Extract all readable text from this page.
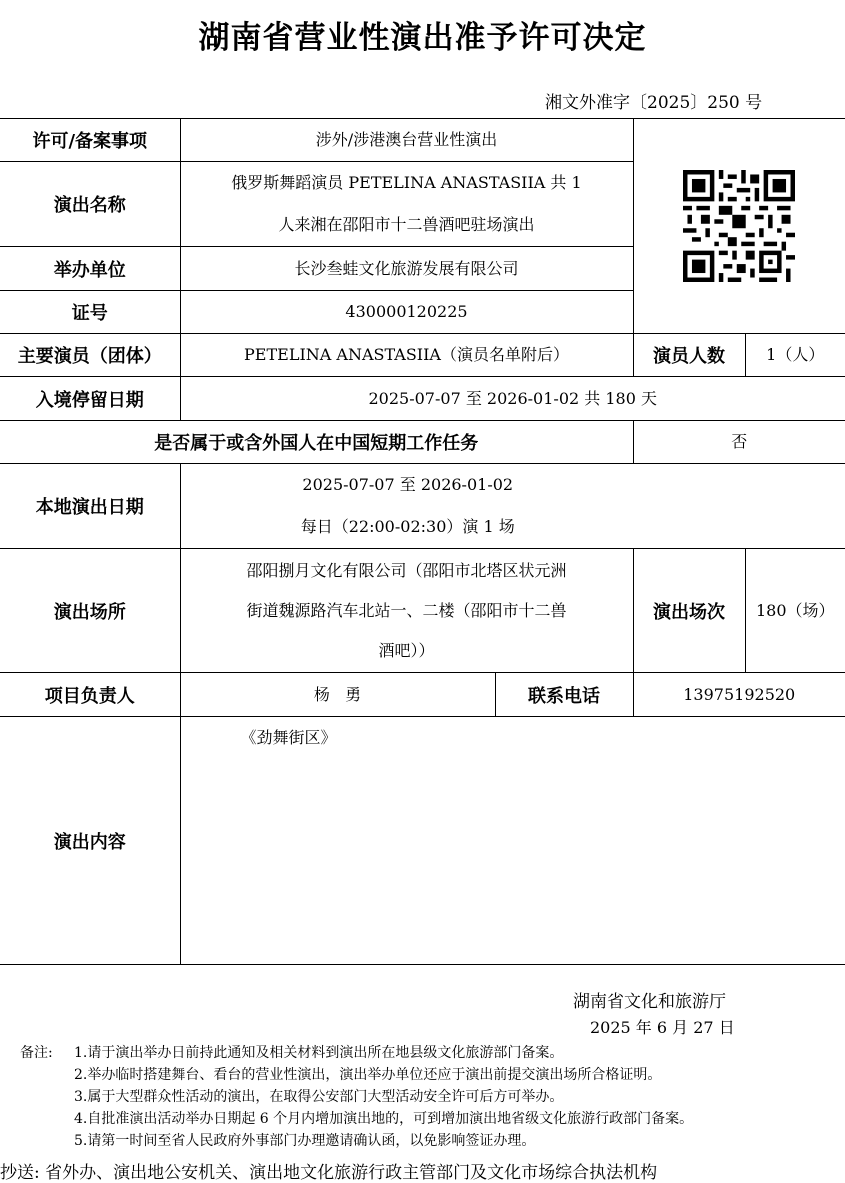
湖南省营业性演出准予许可决定
湘文外准字〔2025〕250 号
许可/备案事项	涉外/涉港澳台营业性演出	

演出名称	俄罗斯舞蹈演员 PETELINA ANASTASIIA 共 1
人来湘在邵阳市十二兽酒吧驻场演出			

举办单位	长沙叁蛙文化旅游发展有限公司			
证号	430000120225			
主要演员（团体）	PETELINA ANASTASIIA（演员名单附后）		演员人数	1（人）
入境停留日期	2025-07-07 至 2026-01-02 共 180 天			
是否属于或含外国人在中国短期工作任务			否	
本地演出日期	2025-07-07 至 2026-01-02
每日（22:00-02:30）演 1 场			

演出场所	邵阳捌月文化有限公司（邵阳市北塔区状元洲
街道魏源路汽车北站一、二楼（邵阳市十二兽
酒吧））		演出场次	180（场）
项目负责人	杨   勇	联系电话	13975192520	
演出内容	《劲舞街区》			
湖南省文化和旅游厅
2025 年 6 月 27 日
备注: 1.请于演出举办日前持此通知及相关材料到演出所在地县级文化旅游部门备案。
2.举办临时搭建舞台、看台的营业性演出，演出举办单位还应于演出前提交演出场所合格证明。
3.属于大型群众性活动的演出，在取得公安部门大型活动安全许可后方可举办。
4.自批准演出活动举办日期起 6 个月内增加演出地的，可到增加演出地省级文化旅游行政部门备案。
5.请第一时间至省人民政府外事部门办理邀请确认函，以免影响签证办理。
抄送: 省外办、演出地公安机关、演出地文化旅游行政主管部门及文化市场综合执法机构
